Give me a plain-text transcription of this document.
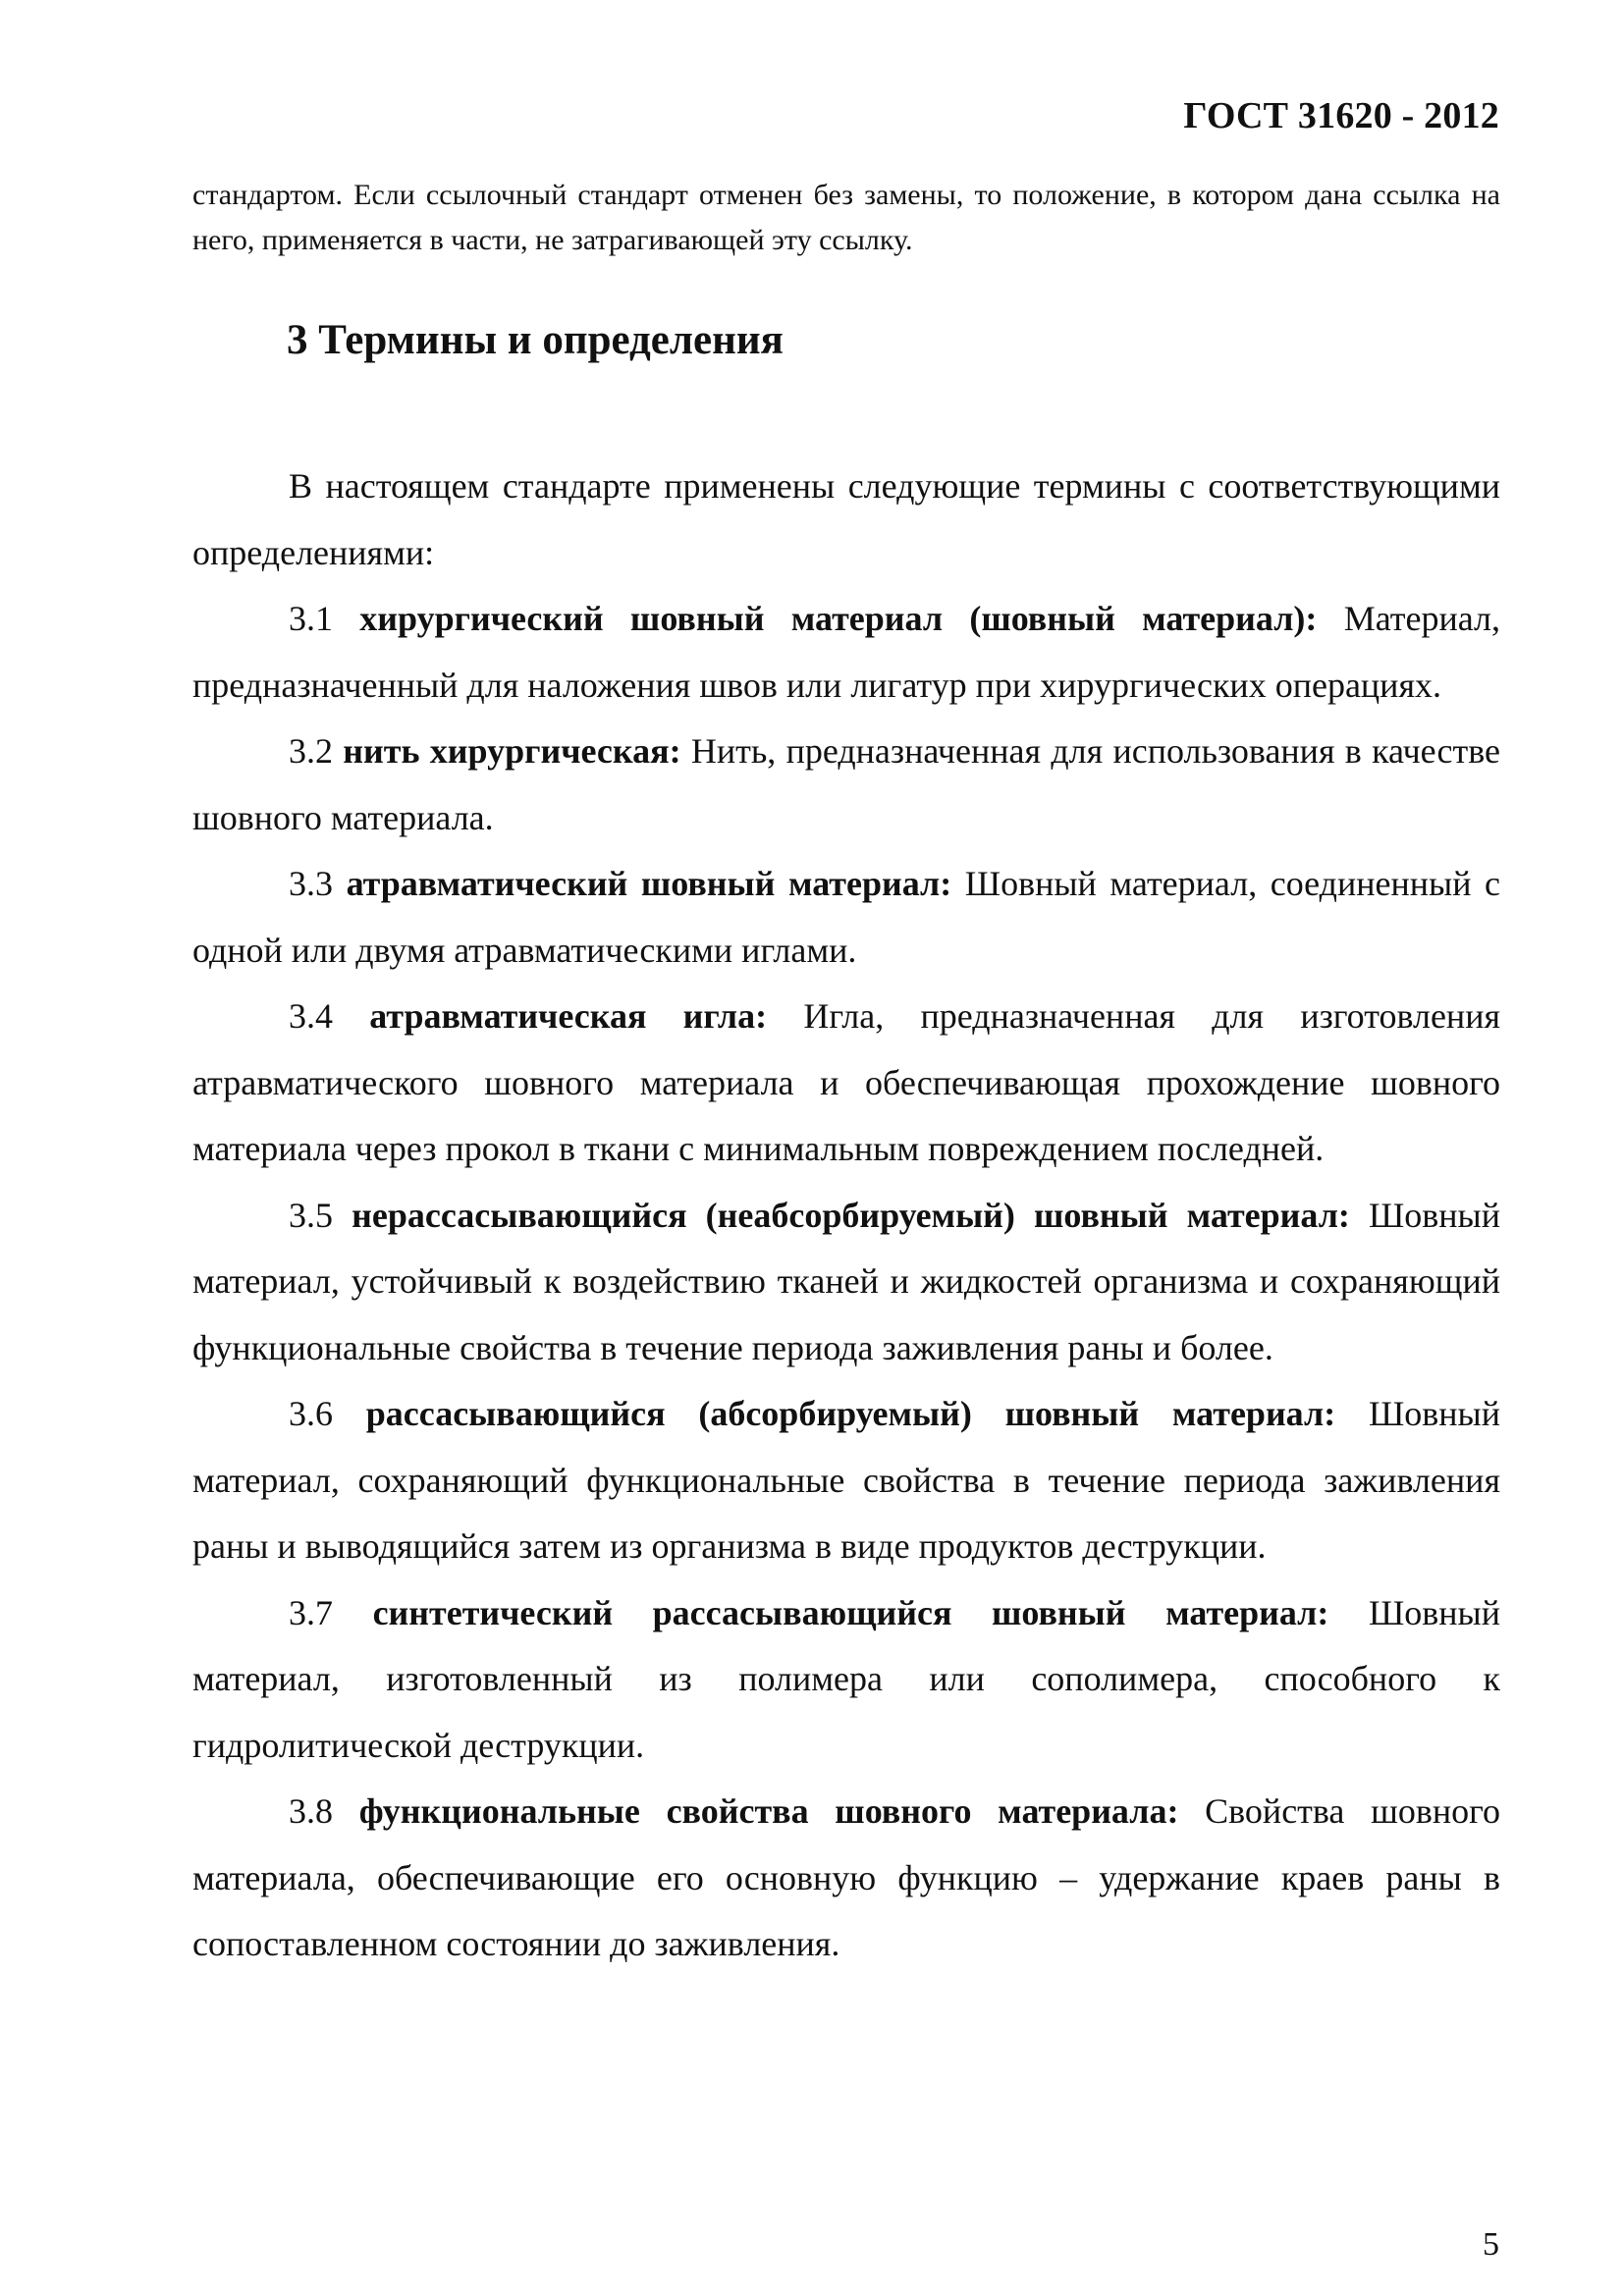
ГОСТ 31620 - 2012

стандартом. Если ссылочный стандарт отменен без замены, то положение, в котором дана ссылка на него, применяется в части, не затрагивающей эту ссылку.

3 Термины и определения

В настоящем стандарте применены следующие термины с соответствующими определениями:

3.1 хирургический шовный материал (шовный материал): Материал, предназначенный для наложения швов или лигатур при хирургических операциях.

3.2 нить хирургическая: Нить, предназначенная для использования в качестве шовного материала.

3.3 атравматический шовный материал: Шовный материал, соединенный с одной или двумя атравматическими иглами.

3.4 атравматическая игла: Игла, предназначенная для изготовления атравматического шовного материала и обеспечивающая прохождение шовного материала через прокол в ткани с минимальным повреждением последней.

3.5 нерассасывающийся (неабсорбируемый) шовный материал: Шовный материал, устойчивый к воздействию тканей и жидкостей организма и сохраняющий функциональные свойства в течение периода заживления раны и более.

3.6 рассасывающийся (абсорбируемый) шовный материал: Шовный материал, сохраняющий функциональные свойства в течение периода заживления раны и выводящийся затем из организма в виде продуктов деструкции.

3.7 синтетический рассасывающийся шовный материал: Шовный материал, изготовленный из полимера или сополимера, способного к гидролитической деструкции.

3.8 функциональные свойства шовного материала: Свойства шовного материала, обеспечивающие его основную функцию – удержание краев раны в сопоставленном состоянии до заживления.

5
